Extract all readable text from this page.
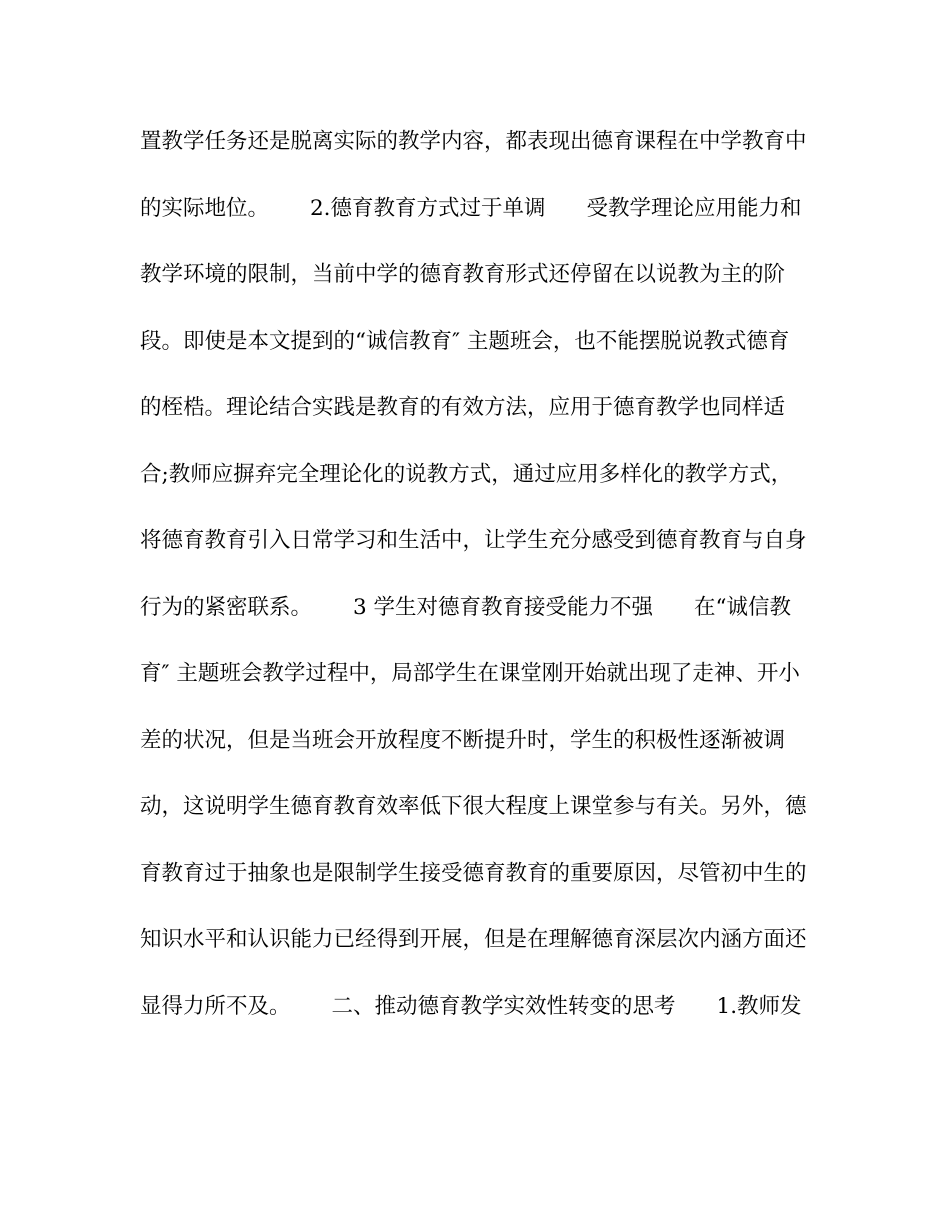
置教学任务还是脱离实际的教学内容，都表现出德育课程在中学教育中
的实际地位。      2.德育教育方式过于单调      受教学理论应用能力和
教学环境的限制，当前中学的德育教育形式还停留在以说教为主的阶
段。即使是本文提到的“诚信教育″ 主题班会，也不能摆脱说教式德育
的桎梏。理论结合实践是教育的有效方法，应用于德育教学也同样适
合;教师应摒弃完全理论化的说教方式，通过应用多样化的教学方式，
将德育教育引入日常学习和生活中，让学生充分感受到德育教育与自身
行为的紧密联系。      3 学生对德育教育接受能力不强      在“诚信教
育″ 主题班会教学过程中，局部学生在课堂刚开始就出现了走神、开小
差的状况，但是当班会开放程度不断提升时，学生的积极性逐渐被调
动，这说明学生德育教育效率低下很大程度上课堂参与有关。另外，德
育教育过于抽象也是限制学生接受德育教育的重要原因，尽管初中生的
知识水平和认识能力已经得到开展，但是在理解德育深层次内涵方面还
显得力所不及。      二、推动德育教学实效性转变的思考      1.教师发
